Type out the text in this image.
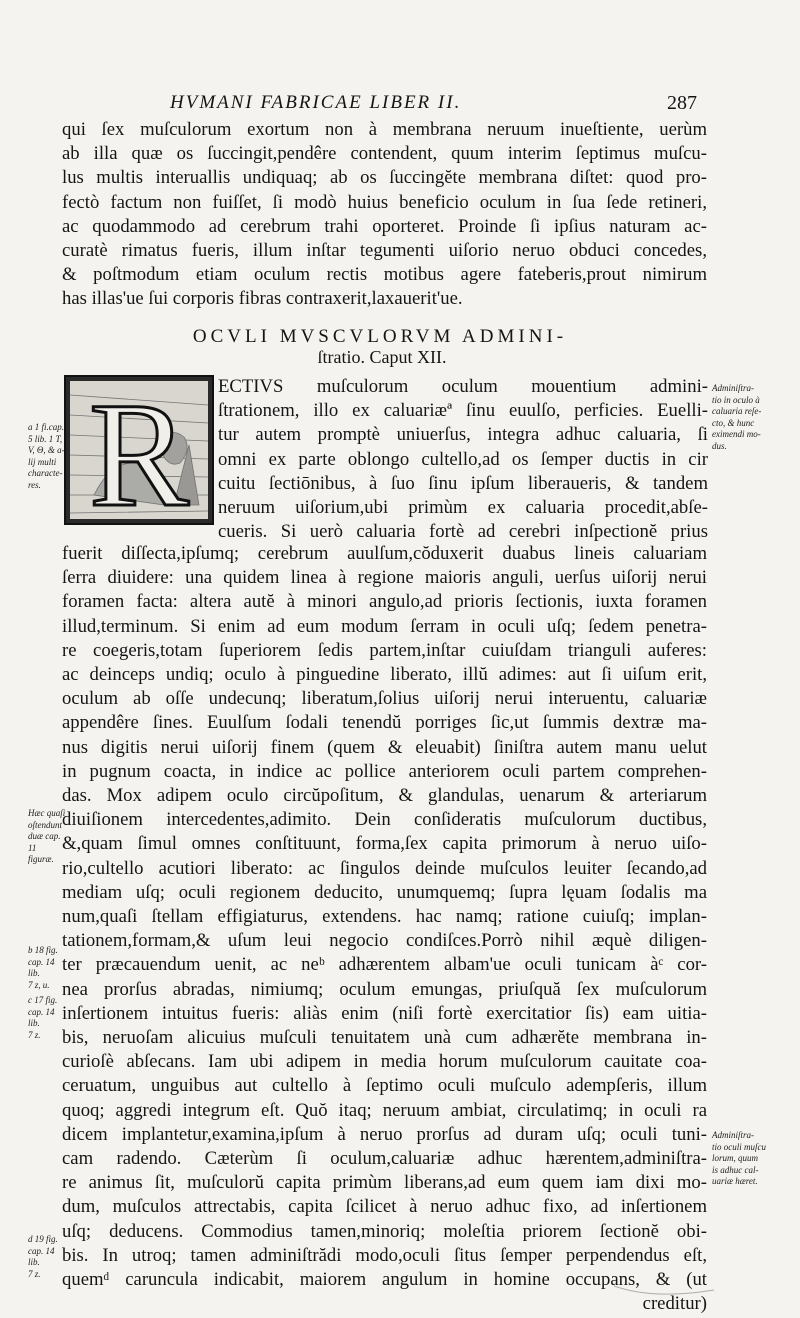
HVMANI FABRICAE LIBER II.	287
qui ſex muſculorum exortum non à membrana neruum inueſtiente, uerùm
ab illa quæ os ſuccingit,pendêre contendent, quum interim ſeptimus muſcu-
lus multis interuallis undiquaq; ab os ſuccingĕte membrana diſtet: quod pro-
fectò factum non fuiſſet, ſi modò huius beneficio oculum in ſua ſede retineri,
ac quodammodo ad cerebrum trahi oporteret. Proinde ſi ipſius naturam ac-
curatè rimatus fueris, illum inſtar tegumenti uiſorio neruo obduci concedes,
& poſtmodum etiam oculum rectis motibus agere fateberis,prout nimirum
has illas'ue ſui corporis fibras contraxerit,laxauerit'ue.
OCVLI MVSCVLORVM ADMINI-
ſtratio. Caput XII.
R ECTIVS muſculorum oculum mouentium admini-
ſtrationem, illo ex caluariæª ſinu euulſo, perficies. Euelli-
tur autem promptè uniuerſus, integra adhuc caluaria, ſi
omni ex parte oblongo cultello,ad os ſemper ductis in cir
cuitu ſectiōnibus, à ſuo ſinu ipſum liberaueris, & tandem
neruum uiſorium,ubi primùm ex caluaria procedit,abſe-
cueris. Si uerò caluaria fortè ad cerebri inſpectionĕ prius
fuerit diſſecta,ipſumq; cerebrum auulſum,cŏduxerit duabus lineis caluariam
ſerra diuidere: una quidem linea à regione maioris anguli, uerſus uiſorij nerui
foramen facta: altera autĕ à minori angulo,ad prioris ſectionis, iuxta foramen
illud,terminum. Si enim ad eum modum ſerram in oculi uſq; ſedem penetra-
re coegeris,totam ſuperiorem ſedis partem,inſtar cuiuſdam trianguli auferes:
ac deinceps undiq; oculo à pinguedine liberato, illŭ adimes: aut ſi uiſum erit,
oculum ab oſſe undecunq; liberatum,ſolius uiſorij nerui interuentu, caluariæ
appendêre ſines. Euulſum ſodali tenendŭ porriges ſic,ut ſummis dextræ ma-
nus digitis nerui uiſorij finem (quem & eleuabit) ſiniſtra autem manu uelut
in pugnum coacta, in indice ac pollice anteriorem oculi partem comprehen-
das. Mox adipem oculo circŭpoſitum, & glandulas, uenarum & arteriarum
diuiſionem intercedentes,adimito. Dein conſideratis muſculorum ductibus,
&,quam ſimul omnes conſtituunt, forma,ſex capita primorum à neruo uiſo-
rio,cultello acutiori liberato: ac ſingulos deinde muſculos leuiter ſecando,ad
mediam uſq; oculi regionem deducito, unumquemq; ſupra lęuam ſodalis ma
num,quaſi ſtellam effigiaturus, extendens. hac namq; ratione cuiuſq; implan-
tationem,formam,& uſum leui negocio condiſces.Porrò nihil æquè diligen-
ter præcauendum uenit, ac neᵇ adhærentem albam'ue oculi tunicam àᶜ cor-
nea prorſus abradas, nimiumq; oculum emungas, priuſquă ſex muſculorum
inſertionem intuitus fueris: aliàs enim (niſi fortè exercitatior ſis) eam uitia-
bis, neruoſam alicuius muſculi tenuitatem unà cum adhærĕte membrana in-
curioſè abſecans. Iam ubi adipem in media horum muſculorum cauitate coa-
ceruatum, unguibus aut cultello à ſeptimo oculi muſculo adempſeris, illum
quoq; aggredi integrum eſt. Quŏ itaq; neruum ambiat, circulatimq; in oculi ra
dicem implantetur,examina,ipſum à neruo prorſus ad duram uſq; oculi tuni-
cam radendo. Cæterùm ſi oculum,caluariæ adhuc hærentem,adminiſtra-
re animus ſit, muſculorŭ capita primùm liberans,ad eum quem iam dixi mo-
dum, muſculos attrectabis, capita ſcilicet à neruo adhuc fixo, ad inſertionem
uſq; deducens. Commodius tamen,minoriq; moleſtia priorem ſectionĕ obi-
bis. In utroq; tamen adminiſtrădi modo,oculi ſitus ſemper perpendendus eſt,
quemᵈ caruncula indicabit, maiorem angulum in homine occupans, & (ut
creditur)
Adminiſtra-
tio in oculo à
caluaria reſe-
cto, & hunc
eximendi mo-
dus.
Adminiſtra-
tio oculi muſcu
lorum, quum
is adhuc cal-
uariæ hæret.
a 1 fi.cap.
5 lib. 1 T,
V, Θ, & a-
lij multi
characte-
res.
Hæc quaſi
oſtendunt
duæ cap. 11
figuræ.
b 18 fig.
cap. 14 lib.
7 z, u.
c 17 fig.
cap. 14 lib.
7 z.
d 19 fig.
cap. 14 lib.
7 z.
